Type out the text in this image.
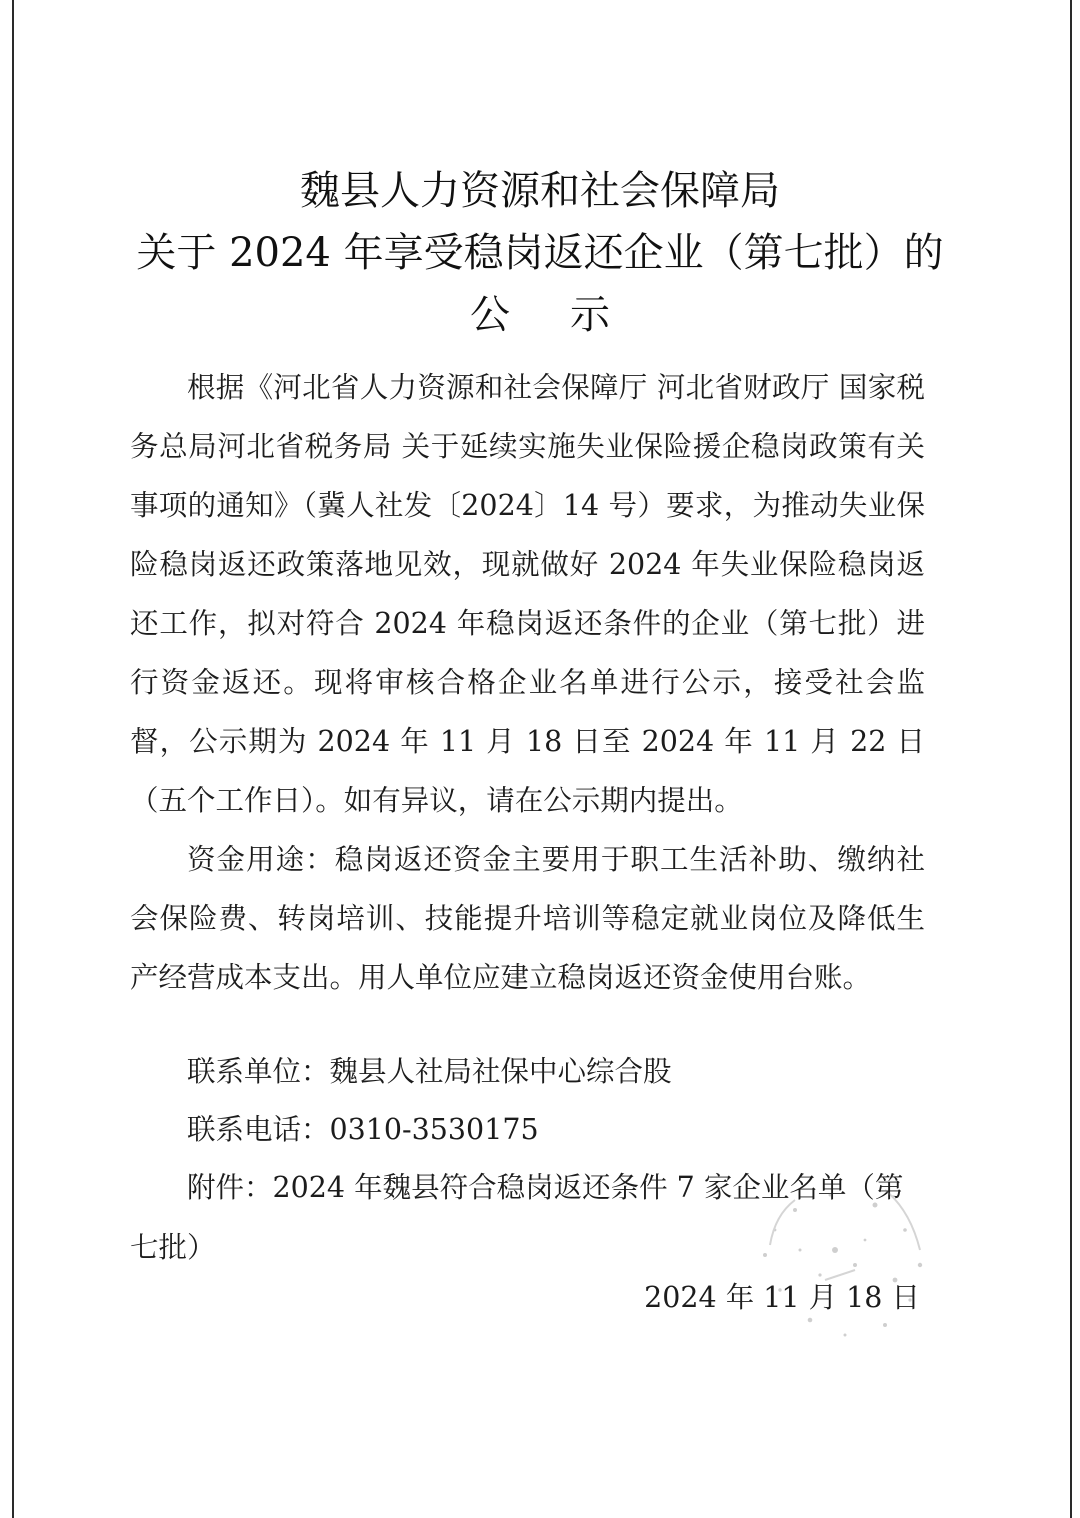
魏县人力资源和社会保障局
关于 2024 年享受稳岗返还企业（第七批）的
公示

根据《河北省人力资源和社会保障厅 河北省财政厅 国家税务总局河北省税务局 关于延续实施失业保险援企稳岗政策有关事项的通知》（冀人社发〔2024〕14 号）要求，为推动失业保险稳岗返还政策落地见效，现就做好 2024 年失业保险稳岗返还工作，拟对符合 2024 年稳岗返还条件的企业（第七批）进行资金返还。现将审核合格企业名单进行公示，接受社会监督，公示期为 2024 年 11 月 18 日至 2024 年 11 月 22 日（五个工作日）。如有异议，请在公示期内提出。

资金用途：稳岗返还资金主要用于职工生活补助、缴纳社会保险费、转岗培训、技能提升培训等稳定就业岗位及降低生产经营成本支出。用人单位应建立稳岗返还资金使用台账。

联系单位：魏县人社局社保中心综合股
联系电话：0310-3530175
附件：2024 年魏县符合稳岗返还条件 7 家企业名单（第七批）
2024 年 11 月 18 日
